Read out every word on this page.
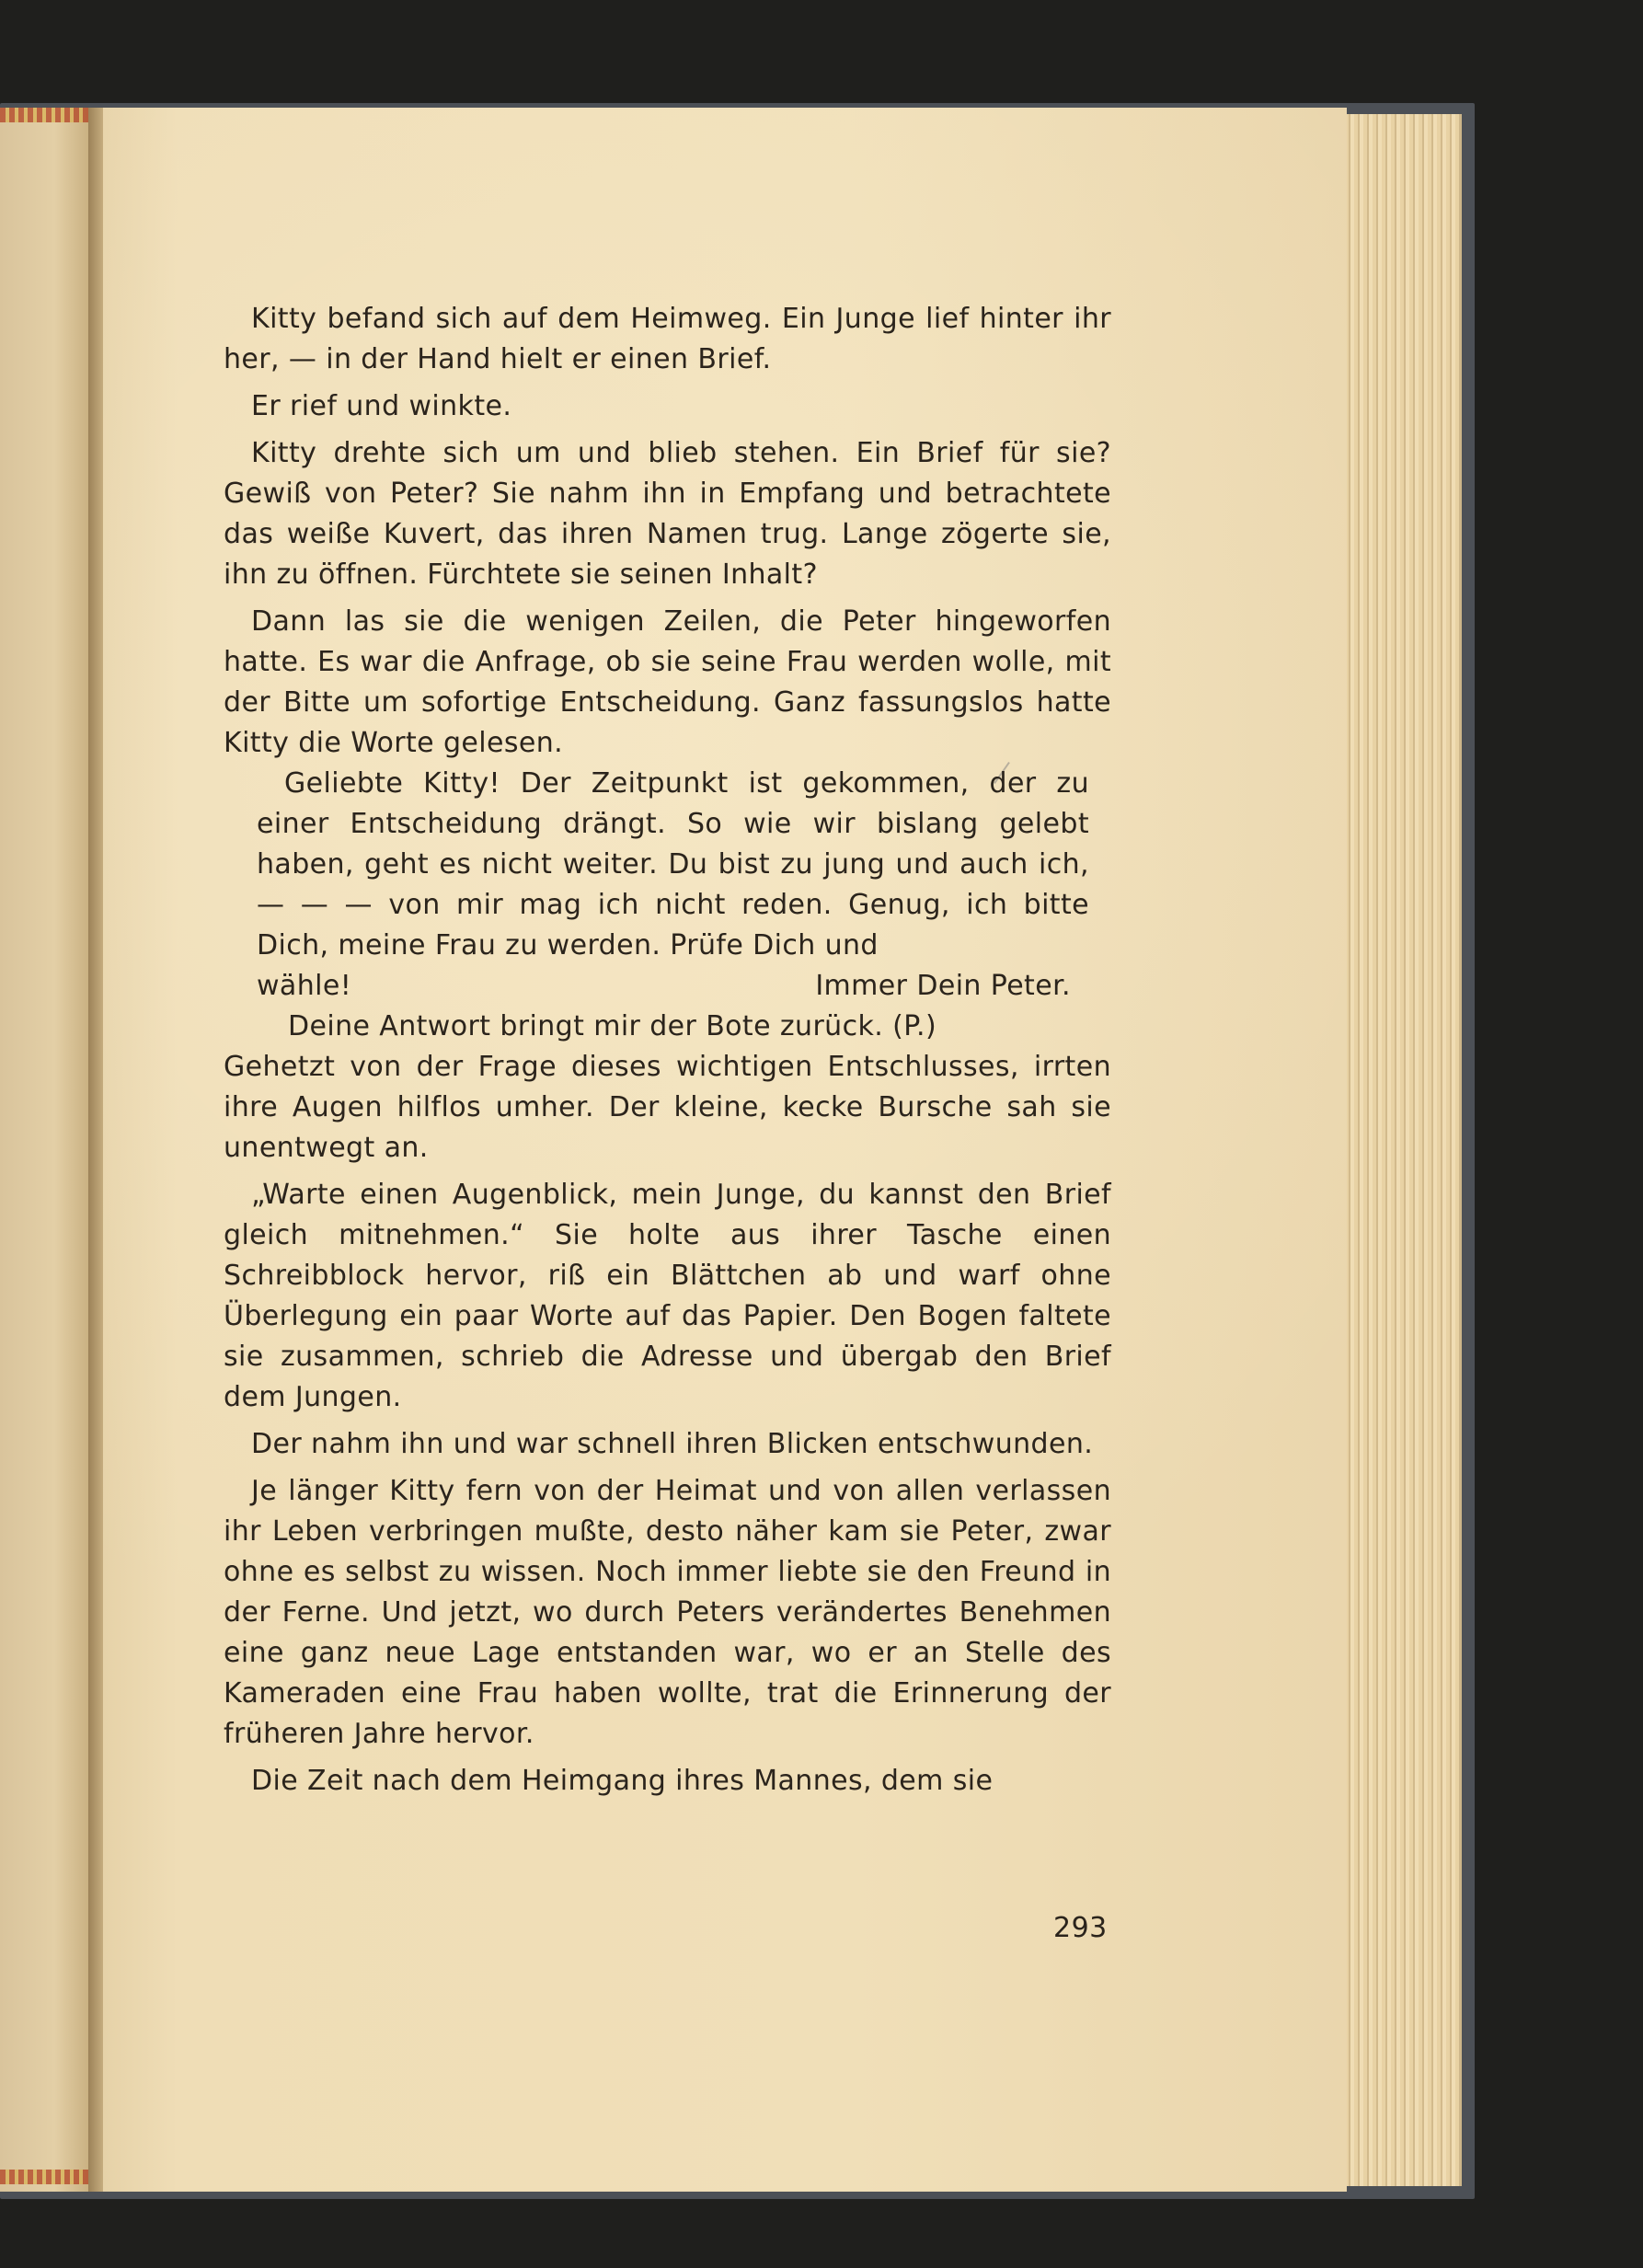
Kitty befand sich auf dem Heimweg. Ein Junge lief hinter ihr her, — in der Hand hielt er einen Brief.

Er rief und winkte.

Kitty drehte sich um und blieb stehen. Ein Brief für sie? Gewiß von Peter? Sie nahm ihn in Empfang und betrachtete das weiße Kuvert, das ihren Namen trug. Lange zögerte sie, ihn zu öffnen. Fürchtete sie seinen Inhalt?

Dann las sie die wenigen Zeilen, die Peter hingeworfen hatte. Es war die Anfrage, ob sie seine Frau werden wolle, mit der Bitte um sofortige Entscheidung. Ganz fassungslos hatte Kitty die Worte gelesen.

Geliebte Kitty! Der Zeitpunkt ist gekommen, der zu einer Entscheidung drängt. So wie wir bislang gelebt haben, geht es nicht weiter. Du bist zu jung und auch ich, — — — von mir mag ich nicht reden. Genug, ich bitte Dich, meine Frau zu werden. Prüfe Dich und

wähle!	Immer Dein Peter.

Deine Antwort bringt mir der Bote zurück. (P.)

Gehetzt von der Frage dieses wichtigen Entschlusses, irrten ihre Augen hilflos umher. Der kleine, kecke Bursche sah sie unentwegt an.

„Warte einen Augenblick, mein Junge, du kannst den Brief gleich mitnehmen.“ Sie holte aus ihrer Tasche einen Schreibblock hervor, riß ein Blättchen ab und warf ohne Überlegung ein paar Worte auf das Papier. Den Bogen faltete sie zusammen, schrieb die Adresse und übergab den Brief dem Jungen.

Der nahm ihn und war schnell ihren Blicken entschwunden.

Je länger Kitty fern von der Heimat und von allen verlassen ihr Leben verbringen mußte, desto näher kam sie Peter, zwar ohne es selbst zu wissen. Noch immer liebte sie den Freund in der Ferne. Und jetzt, wo durch Peters verändertes Benehmen eine ganz neue Lage entstanden war, wo er an Stelle des Kameraden eine Frau haben wollte, trat die Erinnerung der früheren Jahre hervor.

Die Zeit nach dem Heimgang ihres Mannes, dem sie

293
